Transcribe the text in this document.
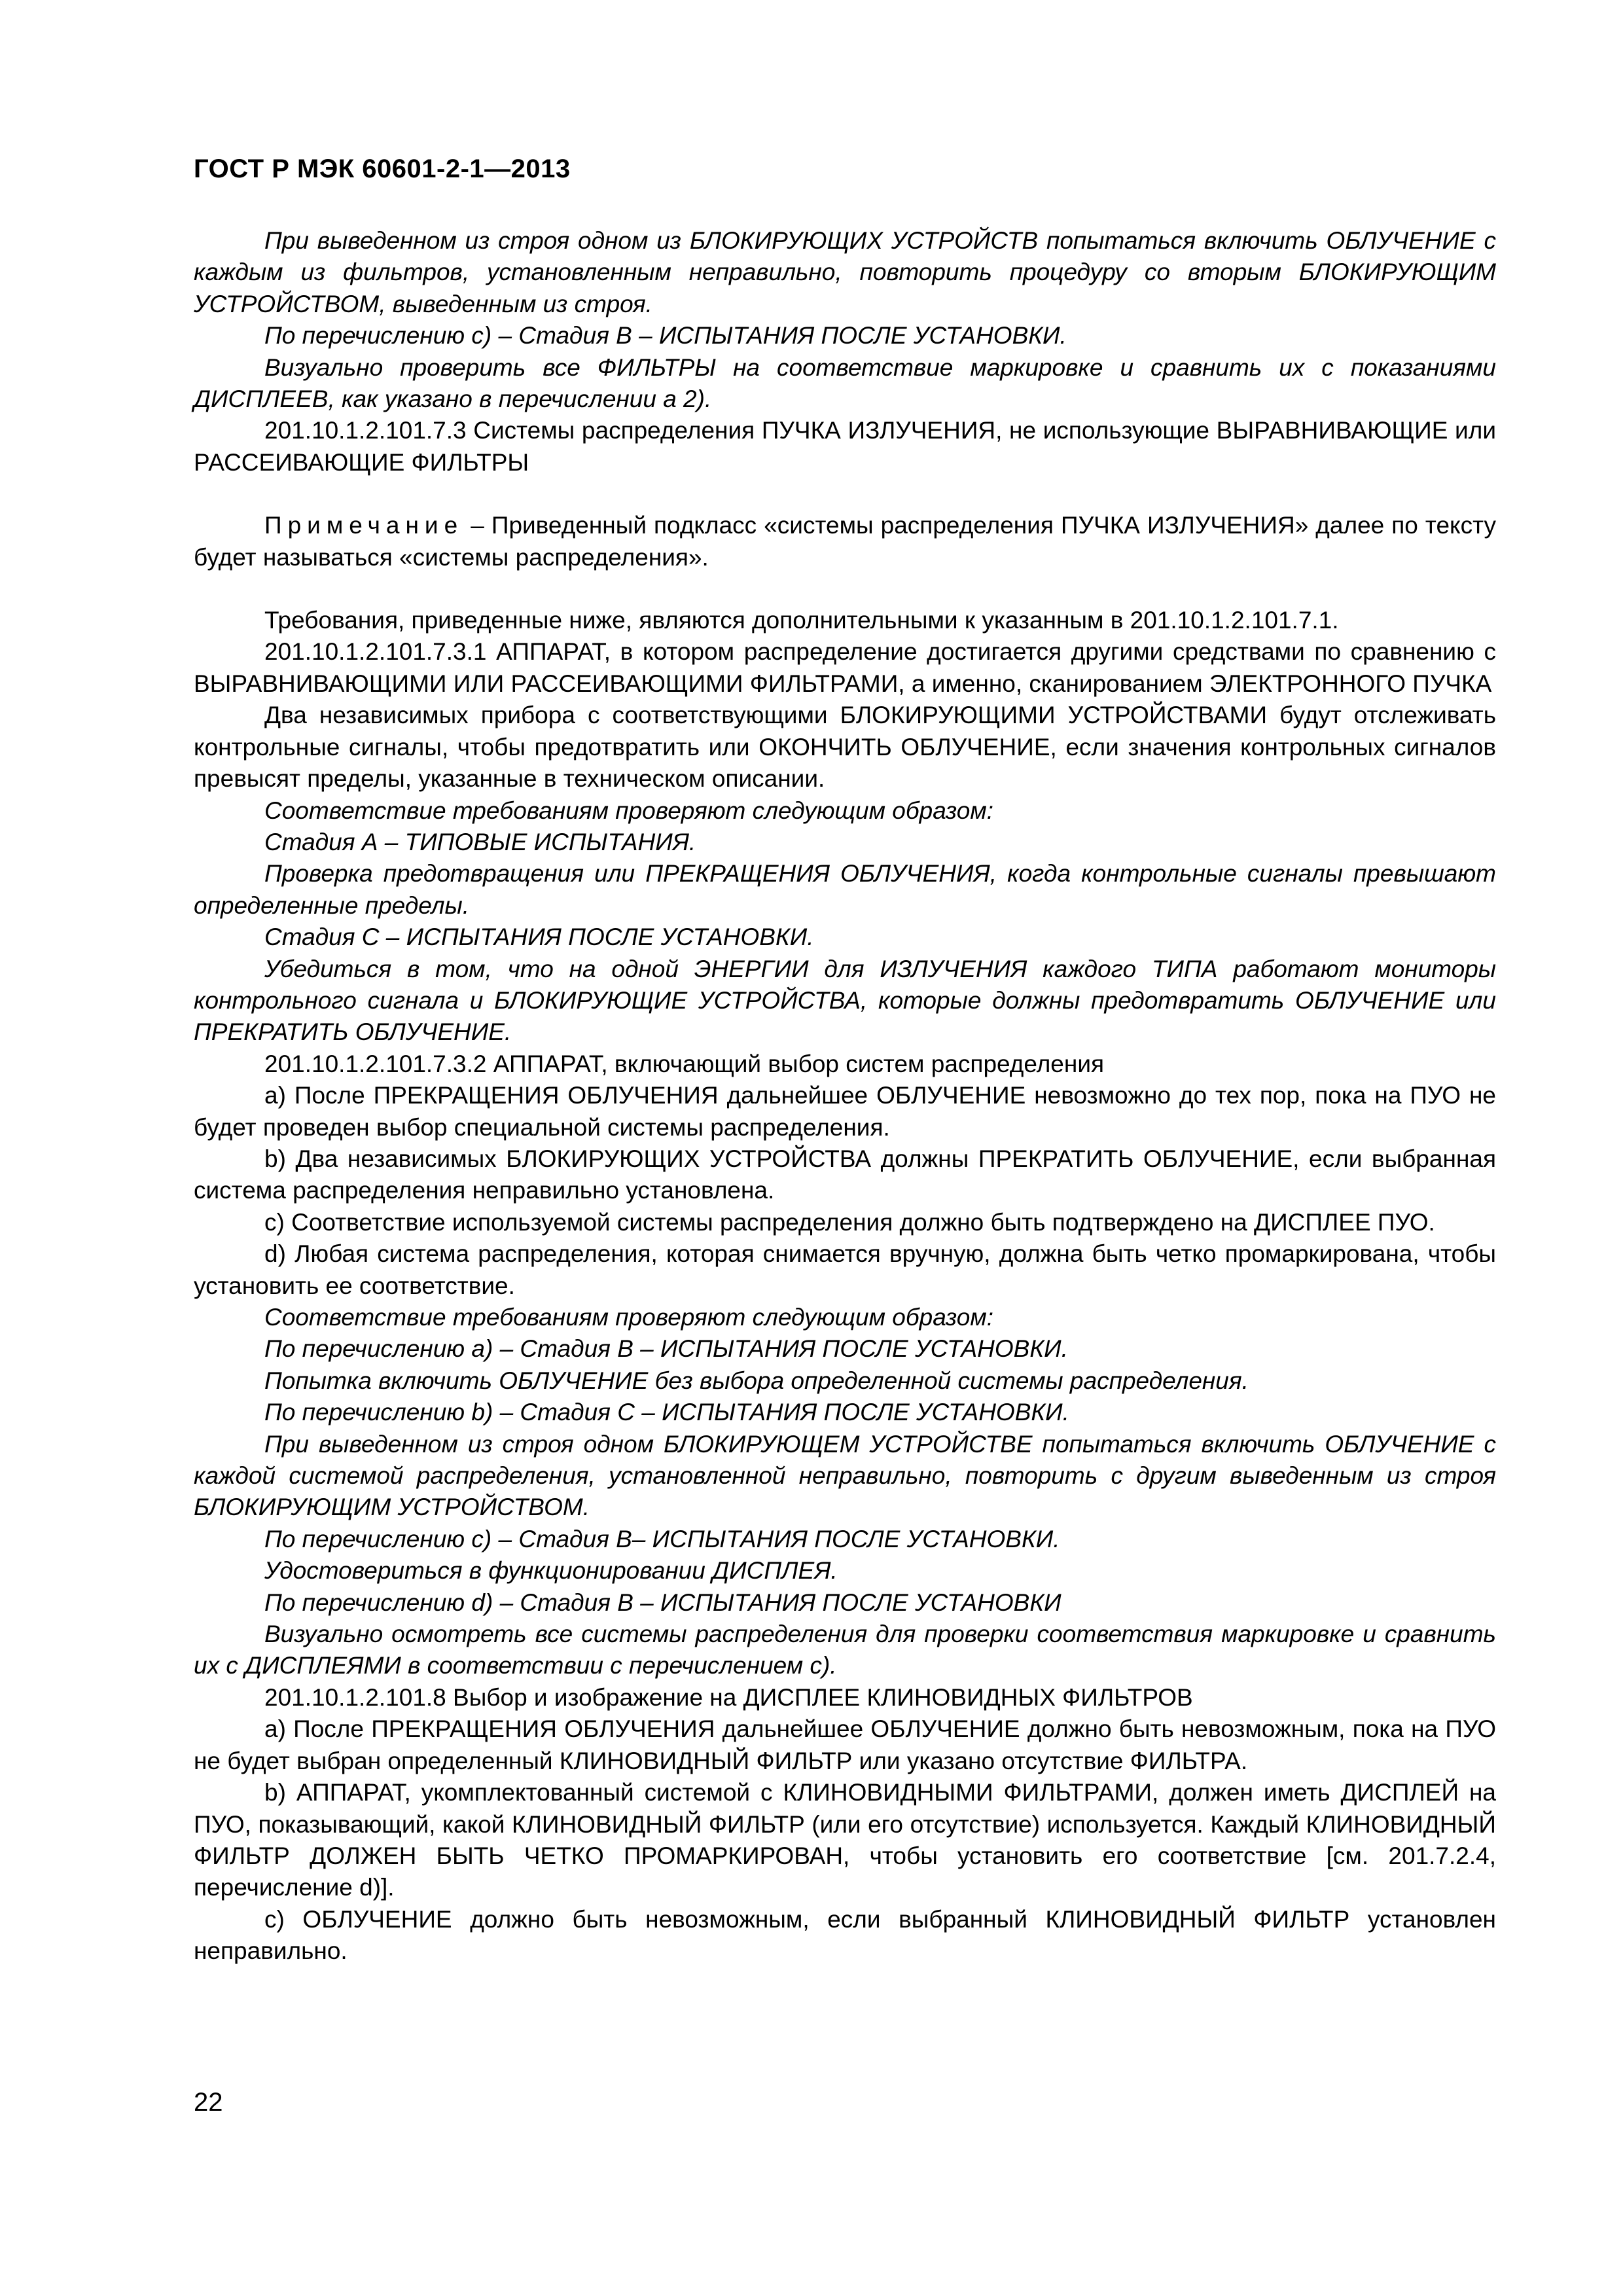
ГОСТ Р МЭК 60601-2-1—2013

При выведенном из строя одном из БЛОКИРУЮЩИХ УСТРОЙСТВ попытаться включить ОБЛУЧЕНИЕ с каждым из фильтров, установленным неправильно, повторить процедуру со вторым БЛОКИРУЮЩИМ УСТРОЙСТВОМ, выведенным из строя.

По перечислению с) – Стадия В – ИСПЫТАНИЯ ПОСЛЕ УСТАНОВКИ.

Визуально проверить все ФИЛЬТРЫ на соответствие маркировке и сравнить их с показаниями ДИСПЛЕЕВ, как указано в перечислении а 2).

201.10.1.2.101.7.3 Системы распределения ПУЧКА ИЗЛУЧЕНИЯ, не использующие ВЫРАВНИВАЮЩИЕ или РАССЕИВАЮЩИЕ ФИЛЬТРЫ

Примечание – Приведенный подкласс «системы распределения ПУЧКА ИЗЛУЧЕНИЯ» далее по тексту будет называться «системы распределения».

Требования, приведенные ниже, являются дополнительными к указанным в 201.10.1.2.101.7.1.

201.10.1.2.101.7.3.1 АППАРАТ, в котором распределение достигается другими средствами по сравнению с ВЫРАВНИВАЮЩИМИ ИЛИ РАССЕИВАЮЩИМИ ФИЛЬТРАМИ, а именно, сканированием ЭЛЕКТРОННОГО ПУЧКА

Два независимых прибора с соответствующими БЛОКИРУЮЩИМИ УСТРОЙСТВАМИ будут отслеживать контрольные сигналы, чтобы предотвратить или ОКОНЧИТЬ ОБЛУЧЕНИЕ, если значения контрольных сигналов превысят пределы, указанные в техническом описании.

Соответствие требованиям проверяют следующим образом:

Стадия А – ТИПОВЫЕ ИСПЫТАНИЯ.

Проверка предотвращения или ПРЕКРАЩЕНИЯ ОБЛУЧЕНИЯ, когда контрольные сигналы превышают определенные пределы.

Стадия С – ИСПЫТАНИЯ ПОСЛЕ УСТАНОВКИ.

Убедиться в том, что на одной ЭНЕРГИИ для ИЗЛУЧЕНИЯ каждого ТИПА работают мониторы контрольного сигнала и БЛОКИРУЮЩИЕ УСТРОЙСТВА, которые должны предотвратить ОБЛУЧЕНИЕ или ПРЕКРАТИТЬ ОБЛУЧЕНИЕ.

201.10.1.2.101.7.3.2 АППАРАТ, включающий выбор систем распределения

а) После ПРЕКРАЩЕНИЯ ОБЛУЧЕНИЯ дальнейшее ОБЛУЧЕНИЕ невозможно до тех пор, пока на ПУО не будет проведен выбор специальной системы распределения.

b) Два независимых БЛОКИРУЮЩИХ УСТРОЙСТВА должны ПРЕКРАТИТЬ ОБЛУЧЕНИЕ, если выбранная система распределения неправильно установлена.

с) Соответствие используемой системы распределения должно быть подтверждено на ДИСПЛЕЕ ПУО.

d) Любая система распределения, которая снимается вручную, должна быть четко промаркирована, чтобы установить ее соответствие.

Соответствие требованиям проверяют следующим образом:

По перечислению а) – Стадия В – ИСПЫТАНИЯ ПОСЛЕ УСТАНОВКИ.

Попытка включить ОБЛУЧЕНИЕ без выбора определенной системы распределения.

По перечислению b) – Стадия С – ИСПЫТАНИЯ ПОСЛЕ УСТАНОВКИ.

При выведенном из строя одном БЛОКИРУЮЩЕМ УСТРОЙСТВЕ попытаться включить ОБЛУЧЕНИЕ с каждой системой распределения, установленной неправильно, повторить с другим выведенным из строя БЛОКИРУЮЩИМ УСТРОЙСТВОМ.

По перечислению с) – Стадия В– ИСПЫТАНИЯ ПОСЛЕ УСТАНОВКИ.

Удостовериться в функционировании ДИСПЛЕЯ.

По перечислению d) – Стадия В – ИСПЫТАНИЯ ПОСЛЕ УСТАНОВКИ

Визуально осмотреть все системы распределения для проверки соответствия маркировке и сравнить их с ДИСПЛЕЯМИ в соответствии с перечислением с).

201.10.1.2.101.8 Выбор и изображение на ДИСПЛЕЕ КЛИНОВИДНЫХ ФИЛЬТРОВ

а) После ПРЕКРАЩЕНИЯ ОБЛУЧЕНИЯ дальнейшее ОБЛУЧЕНИЕ должно быть невозможным, пока на ПУО не будет выбран определенный КЛИНОВИДНЫЙ ФИЛЬТР или указано отсутствие ФИЛЬТРА.

b) АППАРАТ, укомплектованный системой с КЛИНОВИДНЫМИ ФИЛЬТРАМИ, должен иметь ДИСПЛЕЙ на ПУО, показывающий, какой КЛИНОВИДНЫЙ ФИЛЬТР (или его отсутствие) используется. Каждый КЛИНОВИДНЫЙ ФИЛЬТР ДОЛЖЕН БЫТЬ ЧЕТКО ПРОМАРКИРОВАН, чтобы установить его соответствие [см. 201.7.2.4, перечисление d)].

с) ОБЛУЧЕНИЕ должно быть невозможным, если выбранный КЛИНОВИДНЫЙ ФИЛЬТР установлен неправильно.

22
